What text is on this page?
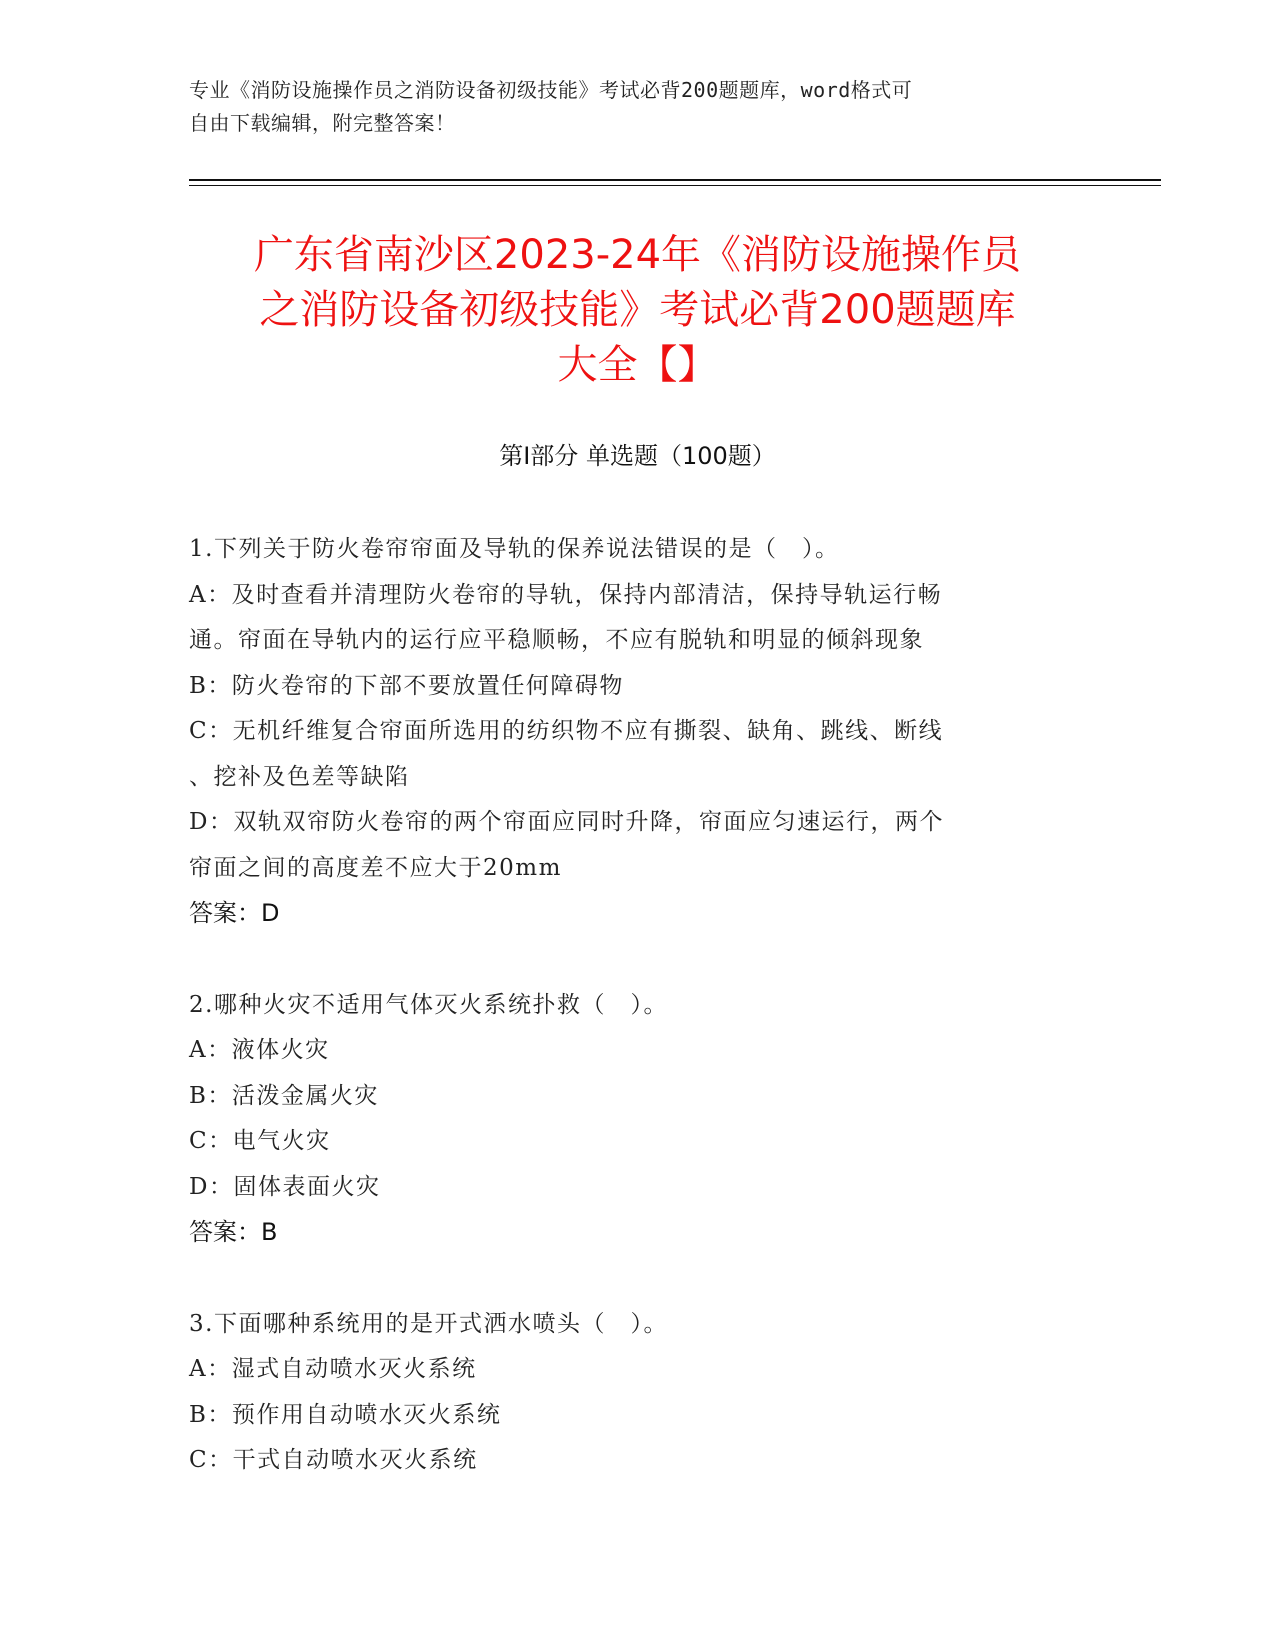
专业《消防设施操作员之消防设备初级技能》考试必背200题题库，word格式可
自由下载编辑，附完整答案！
广东省南沙区2023-24年《消防设施操作员
之消防设备初级技能》考试必背200题题库
大全【】
第Ⅰ部分 单选题（100题）
1.下列关于防火卷帘帘面及导轨的保养说法错误的是（　）。
A：及时查看并清理防火卷帘的导轨，保持内部清洁，保持导轨运行畅
通。帘面在导轨内的运行应平稳顺畅，不应有脱轨和明显的倾斜现象
B：防火卷帘的下部不要放置任何障碍物
C：无机纤维复合帘面所选用的纺织物不应有撕裂、缺角、跳线、断线
、挖补及色差等缺陷
D：双轨双帘防火卷帘的两个帘面应同时升降，帘面应匀速运行，两个
帘面之间的高度差不应大于20mm
答案：D
2.哪种火灾不适用气体灭火系统扑救（　）。
A：液体火灾
B：活泼金属火灾
C：电气火灾
D：固体表面火灾
答案：B
3.下面哪种系统用的是开式洒水喷头（　）。
A：湿式自动喷水灭火系统
B：预作用自动喷水灭火系统
C：干式自动喷水灭火系统
